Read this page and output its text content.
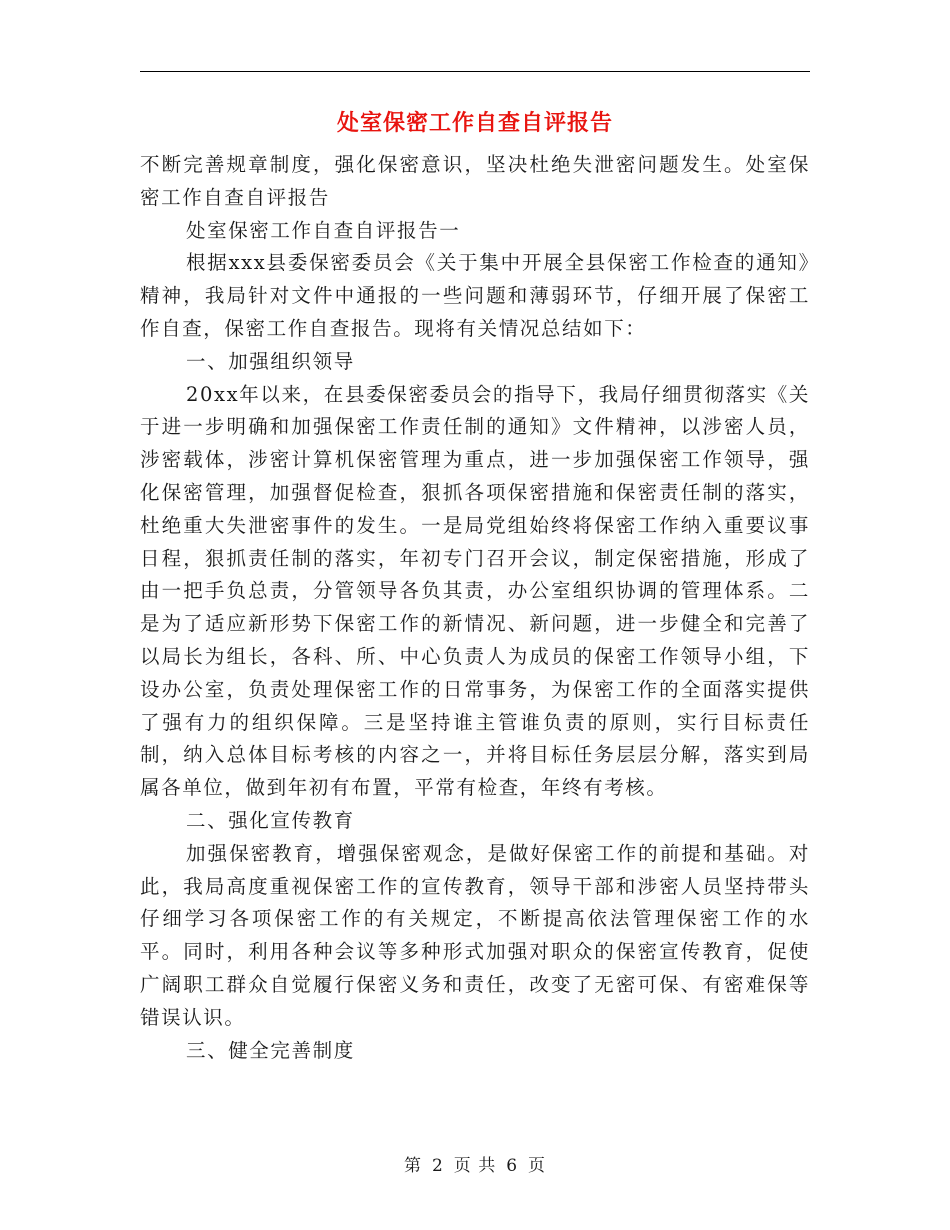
处室保密工作自查自评报告

不断完善规章制度，强化保密意识，坚决杜绝失泄密问题发生。处室保密工作自查自评报告

处室保密工作自查自评报告一

根据xxx县委保密委员会《关于集中开展全县保密工作检查的通知》精神，我局针对文件中通报的一些问题和薄弱环节，仔细开展了保密工作自查，保密工作自查报告。现将有关情况总结如下：

一、加强组织领导

20xx年以来，在县委保密委员会的指导下，我局仔细贯彻落实《关于进一步明确和加强保密工作责任制的通知》文件精神，以涉密人员，涉密载体，涉密计算机保密管理为重点，进一步加强保密工作领导，强化保密管理，加强督促检查，狠抓各项保密措施和保密责任制的落实，杜绝重大失泄密事件的发生。一是局党组始终将保密工作纳入重要议事日程，狠抓责任制的落实，年初专门召开会议，制定保密措施，形成了由一把手负总责，分管领导各负其责，办公室组织协调的管理体系。二是为了适应新形势下保密工作的新情况、新问题，进一步健全和完善了以局长为组长，各科、所、中心负责人为成员的保密工作领导小组，下设办公室，负责处理保密工作的日常事务，为保密工作的全面落实提供了强有力的组织保障。三是坚持谁主管谁负责的原则，实行目标责任制，纳入总体目标考核的内容之一，并将目标任务层层分解，落实到局属各单位，做到年初有布置，平常有检查，年终有考核。

二、强化宣传教育

加强保密教育，增强保密观念，是做好保密工作的前提和基础。对此，我局高度重视保密工作的宣传教育，领导干部和涉密人员坚持带头仔细学习各项保密工作的有关规定，不断提高依法管理保密工作的水平。同时，利用各种会议等多种形式加强对职众的保密宣传教育，促使广阔职工群众自觉履行保密义务和责任，改变了无密可保、有密难保等错误认识。

三、健全完善制度

第 2 页 共 6 页
